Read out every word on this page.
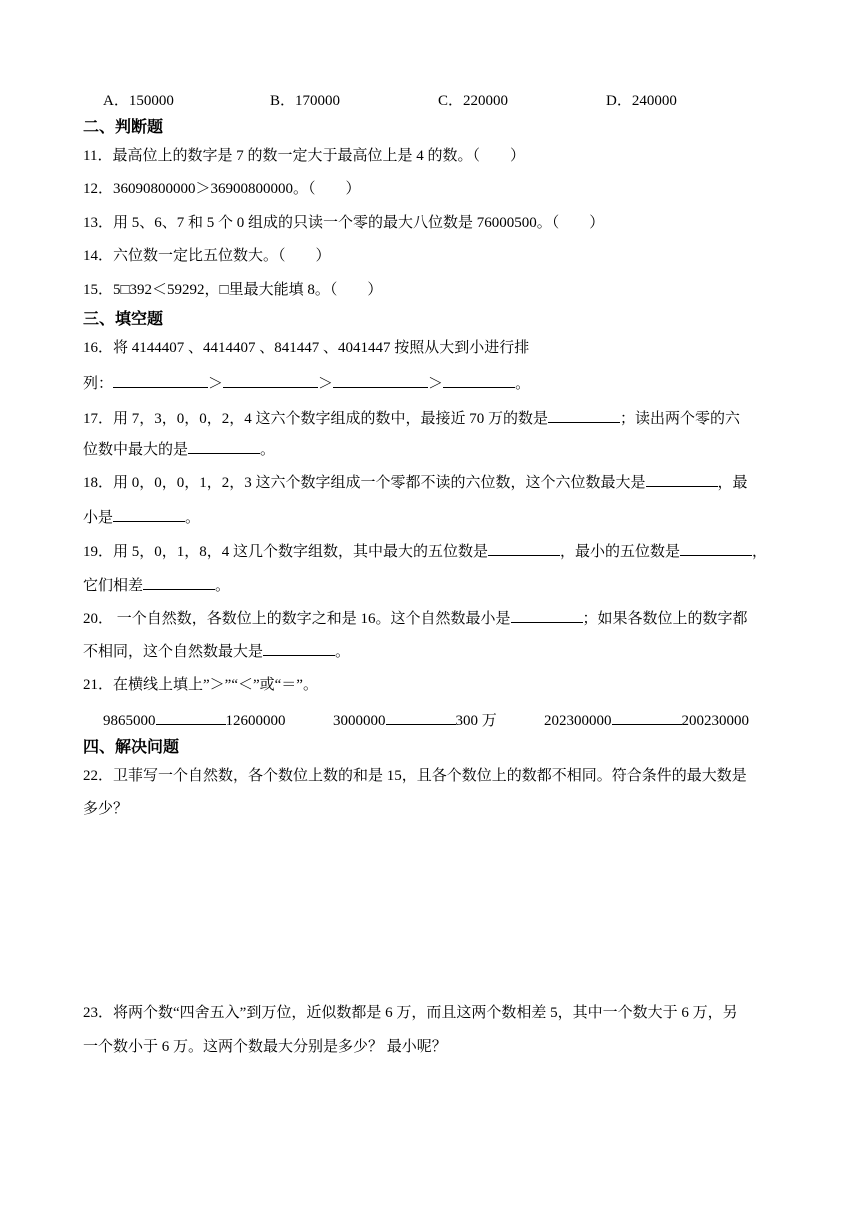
A．150000	B．170000	C．220000	D．240000
二、判断题
11．最高位上的数字是 7 的数一定大于最高位上是 4 的数。（　　）
12．36090800000＞36900800000。（　　）
13．用 5、6、7 和 5 个 0 组成的只读一个零的最大八位数是 76000500。（　　）
14．六位数一定比五位数大。（　　）
15．5□392＜59292，□里最大能填 8。（　　）
三、填空题
16．将 4144407 、4414407 、841447 、4041447 按照从大到小进行排
列：	＞	＞	＞	。
17．用 7，3，0，0，2，4 这六个数字组成的数中，最接近 70 万的数是	；读出两个零的六
位数中最大的是	。
18．用 0，0，0，1，2，3 这六个数字组成一个零都不读的六位数，这个六位数最大是	，最
小是	。
19．用 5，0，1，8，4 这几个数字组数，其中最大的五位数是	，最小的五位数是	，
它们相差	。
20． 一个自然数，各数位上的数字之和是 16。这个自然数最小是	；如果各数位上的数字都
不相同，这个自然数最大是	。
21．在横线上填上”＞”“＜”或“＝”。
9865000	12600000	3000000	300 万	202300000	200230000
四、解决问题
22．卫菲写一个自然数，各个数位上数的和是 15，且各个数位上的数都不相同。符合条件的最大数是
多少？
23．将两个数“四舍五入”到万位，近似数都是 6 万，而且这两个数相差 5，其中一个数大于 6 万，另
一个数小于 6 万。这两个数最大分别是多少？ 最小呢？
